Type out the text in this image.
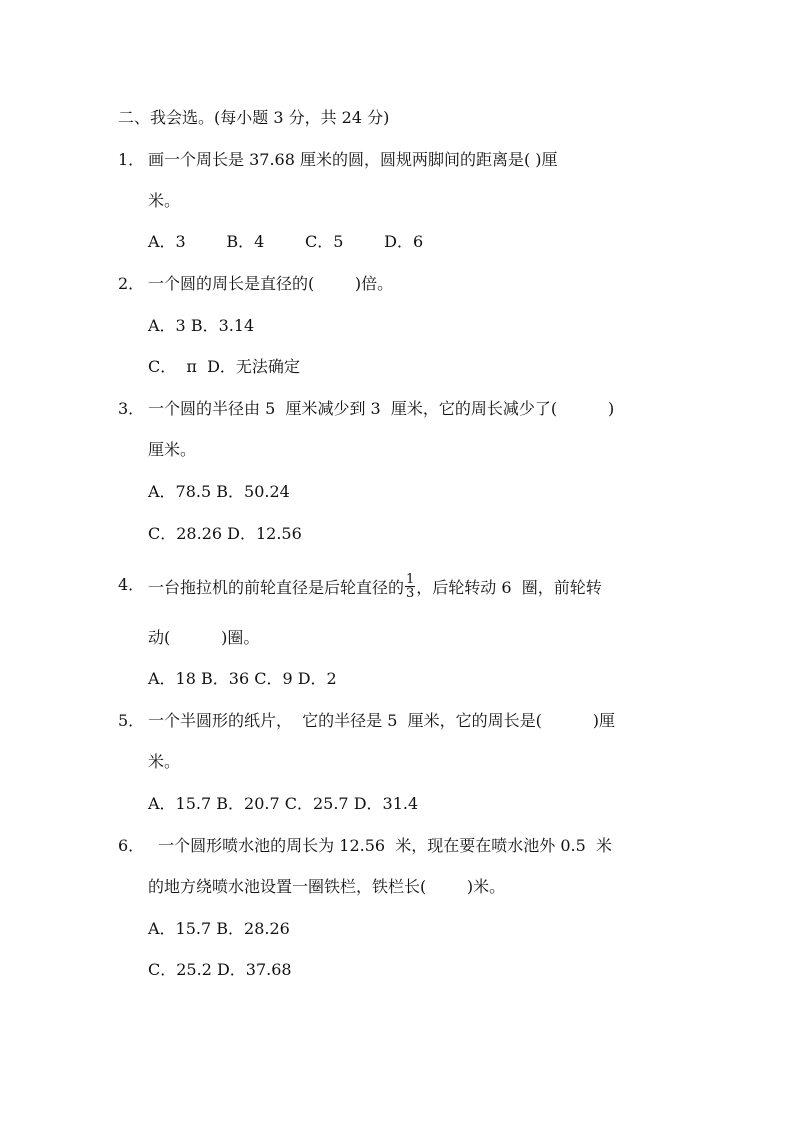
二、我会选。(每小题 3 分，共 24 分)
1． 画一个周长是 37.68 厘米的圆，圆规两脚间的距离是( )厘
米。
A．3        B．4        C．5        D．6
2． 一个圆的周长是直径的(        )倍。
A．3 B．3.14
C．  π  D．无法确定
3． 一个圆的半径由 5  厘米减少到 3  厘米，它的周长减少了(          )
厘米。
A．78.5 B．50.24
C．28.26 D．12.56
4． 一台拖拉机的前轮直径是后轮直径的 $\frac{1}{3}$ ，后轮转动 6  圈，前轮转
动(          )圈。
A．18 B．36 C．9 D．2
5． 一个半圆形的纸片，  它的半径是 5  厘米，它的周长是(          )厘
米。
A．15.7 B．20.7 C．25.7 D．31.4
6． 一个圆形喷水池的周长为 12.56  米，现在要在喷水池外 0.5  米
的地方绕喷水池设置一圈铁栏，铁栏长(        )米。
A．15.7 B．28.26
C．25.2 D．37.68
